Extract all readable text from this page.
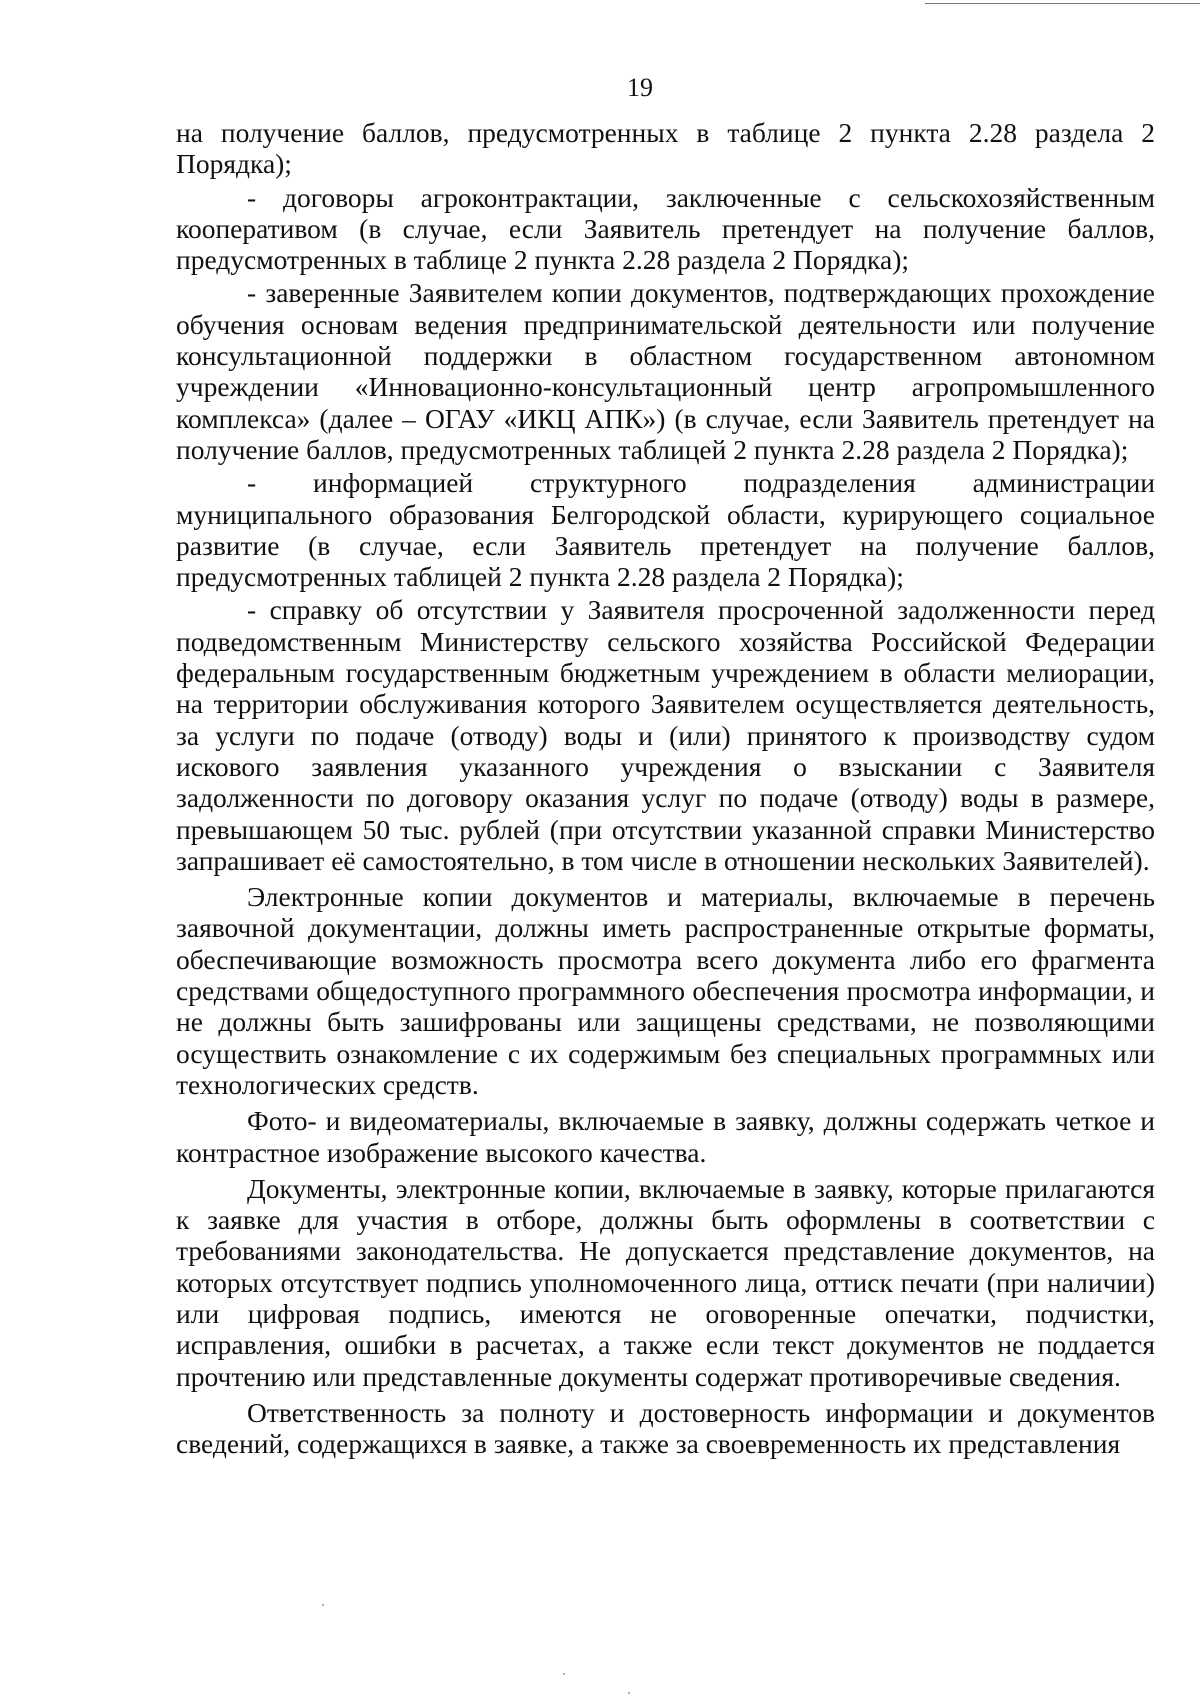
19

на получение баллов, предусмотренных в таблице 2 пункта 2.28 раздела 2 Порядка);

- договоры агроконтрактации, заключенные с сельскохозяйственным кооперативом (в случае, если Заявитель претендует на получение баллов, предусмотренных в таблице 2 пункта 2.28 раздела 2 Порядка);

- заверенные Заявителем копии документов, подтверждающих прохождение обучения основам ведения предпринимательской деятельности или получение консультационной поддержки в областном государственном автономном учреждении «Инновационно-консультационный центр агропромышленного комплекса» (далее – ОГАУ «ИКЦ АПК») (в случае, если Заявитель претендует на получение баллов, предусмотренных таблицей 2 пункта 2.28 раздела 2 Порядка);

- информацией структурного подразделения администрации муниципального образования Белгородской области, курирующего социальное развитие (в случае, если Заявитель претендует на получение баллов, предусмотренных таблицей 2 пункта 2.28 раздела 2 Порядка);

- справку об отсутствии у Заявителя просроченной задолженности перед подведомственным Министерству сельского хозяйства Российской Федерации федеральным государственным бюджетным учреждением в области мелиорации, на территории обслуживания которого Заявителем осуществляется деятельность, за услуги по подаче (отводу) воды и (или) принятого к производству судом искового заявления указанного учреждения о взыскании с Заявителя задолженности по договору оказания услуг по подаче (отводу) воды в размере, превышающем 50 тыс. рублей (при отсутствии указанной справки Министерство запрашивает её самостоятельно, в том числе в отношении нескольких Заявителей).

Электронные копии документов и материалы, включаемые в перечень заявочной документации, должны иметь распространенные открытые форматы, обеспечивающие возможность просмотра всего документа либо его фрагмента средствами общедоступного программного обеспечения просмотра информации, и не должны быть зашифрованы или защищены средствами, не позволяющими осуществить ознакомление с их содержимым без специальных программных или технологических средств.

Фото- и видеоматериалы, включаемые в заявку, должны содержать четкое и контрастное изображение высокого качества.

Документы, электронные копии, включаемые в заявку, которые прилагаются к заявке для участия в отборе, должны быть оформлены в соответствии с требованиями законодательства. Не допускается представление документов, на которых отсутствует подпись уполномоченного лица, оттиск печати (при наличии) или цифровая подпись, имеются не оговоренные опечатки, подчистки, исправления, ошибки в расчетах, а также если текст документов не поддается прочтению или представленные документы содержат противоречивые сведения.

Ответственность за полноту и достоверность информации и документов сведений, содержащихся в заявке, а также за своевременность их представления
